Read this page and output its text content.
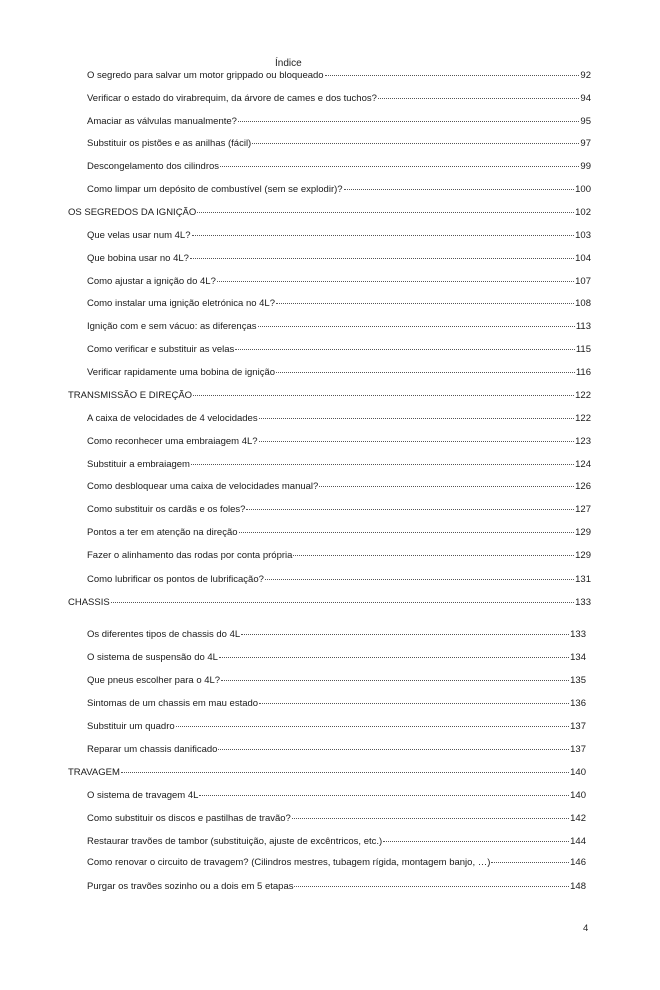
Índice
O segredo para salvar um motor grippado ou bloqueado	92
Verificar o estado do virabrequim, da árvore de cames e dos tuchos?	94
Amaciar as válvulas manualmente?	95
Substituir os pistões e as anilhas (fácil)	97
Descongelamento dos cilindros	99
Como limpar um depósito de combustível (sem se explodir)?	100
OS SEGREDOS DA IGNIÇÃO	102
Que velas usar num 4L?	103
Que bobina usar no 4L?	104
Como ajustar a ignição do 4L?	107
Como instalar uma ignição eletrónica no 4L?	108
Ignição com e sem vácuo: as diferenças	113
Como verificar e substituir as velas	115
Verificar rapidamente uma bobina de ignição	116
TRANSMISSÃO E DIREÇÃO	122
A caixa de velocidades de 4 velocidades	122
Como reconhecer uma embraiagem 4L?	123
Substituir a embraiagem	124
Como desbloquear uma caixa de velocidades manual?	126
Como substituir os cardãs e os foles?	127
Pontos a ter em atenção na direção	129
Fazer o alinhamento das rodas por conta própria	129
Como lubrificar os pontos de lubrificação?	131
CHASSIS	133
Os diferentes tipos de chassis do 4L	133
O sistema de suspensão do 4L	134
Que pneus escolher para o 4L?	135
Sintomas de um chassis em mau estado	136
Substituir um quadro	137
Reparar um chassis danificado	137
TRAVAGEM	140
O sistema de travagem 4L	140
Como substituir os discos e pastilhas de travão?	142
Restaurar travões de tambor (substituição, ajuste de excêntricos, etc.)	144
Como renovar o circuito de travagem? (Cilindros mestres, tubagem rígida, montagem banjo, …)	146
Purgar os travões sozinho ou a dois em 5 etapas	148
4
